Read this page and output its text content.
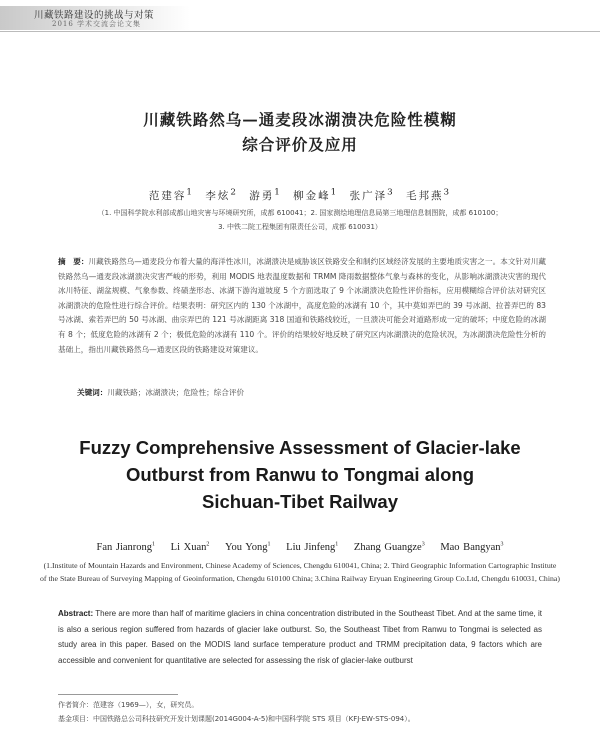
川藏铁路建设的挑战与对策
2016 学术交流会论文集
川藏铁路然乌—通麦段冰湖溃决危险性模糊
综合评价及应用
范建容$^1$ 李炫$^2$ 游勇$^1$ 柳金峰$^1$ 张广泽$^3$ 毛邦燕$^3$
（1. 中国科学院水利部成都山地灾害与环境研究所，成都 610041；2. 国家测绘地理信息局第三地理信息制图院，成都 610100；
3. 中铁二院工程集团有限责任公司，成都 610031）
摘　要：川藏铁路然乌—通麦段分布着大量的海洋性冰川，冰湖溃决是威胁该区铁路安全和制约区域经济发展的主要地质灾害之一。本文针对川藏铁路然乌—通麦段冰湖溃决灾害严峻的形势，利用 MODIS 地表温度数据和 TRMM 降雨数据整体气象与森林的变化，从影响冰湖溃决灾害的现代冰川特征、湖盆规模、气象参数、终碛垄形态、冰湖下游沟道坡度 5 个方面选取了 9 个冰湖溃决危险性评价指标，应用模糊综合评价法对研究区冰湖溃决的危险性进行综合评价。结果表明：研究区内的 130 个冰湖中，高度危险的冰湖有 10 个，其中莫如弄巴的 39 号冰湖、拉普弄巴的 83 号冰湖、索若弄巴的 50 号冰湖、曲宗弄巴的 121 号冰湖距离 318 国道和铁路线较近，一旦溃决可能会对道路形成一定的破坏；中度危险的冰湖有 8 个；低度危险的冰湖有 2 个；极低危险的冰湖有 110 个。评价的结果较好地反映了研究区内冰湖溃决的危险状况，为冰湖溃决危险性分析的基础上，指出川藏铁路然乌—通麦区段的铁路建设对策建议。
关键词：川藏铁路；冰湖溃决；危险性；综合评价
Fuzzy Comprehensive Assessment of Glacier-lake
Outburst from Ranwu to Tongmai along
Sichuan-Tibet Railway
Fan Jianrong$^1$ Li Xuan$^2$ You Yong$^1$ Liu Jinfeng$^1$ Zhang Guangze$^3$ Mao Bangyan$^3$
(1.Institute of Mountain Hazards and Environment, Chinese Academy of Sciences, Chengdu 610041, China; 2. Third Geographic Information Cartographic Institute of the State Bureau of Surveying Mapping of Geoinformation, Chengdu 610100 China; 3.China Railway Eryuan Engineering Group Co.Ltd, Chengdu 610031, China)
Abstract: There are more than half of maritime glaciers in china concentration distributed in the Southeast Tibet. And at the same time, it is also a serious region suffered from hazards of glacier lake outburst. So, the Southeast Tibet from Ranwu to Tongmai is selected as study area in this paper. Based on the MODIS land surface temperature product and TRMM precipitation data, 9 factors which are accessible and convenient for quantitative are selected for assessing the risk of glacier-lake outburst
作者简介：范建容（1969—），女，研究员。
基金项目：中国铁路总公司科技研究开发计划课题(2014G004-A-5)和中国科学院 STS 项目（KFJ-EW-STS-094）。
